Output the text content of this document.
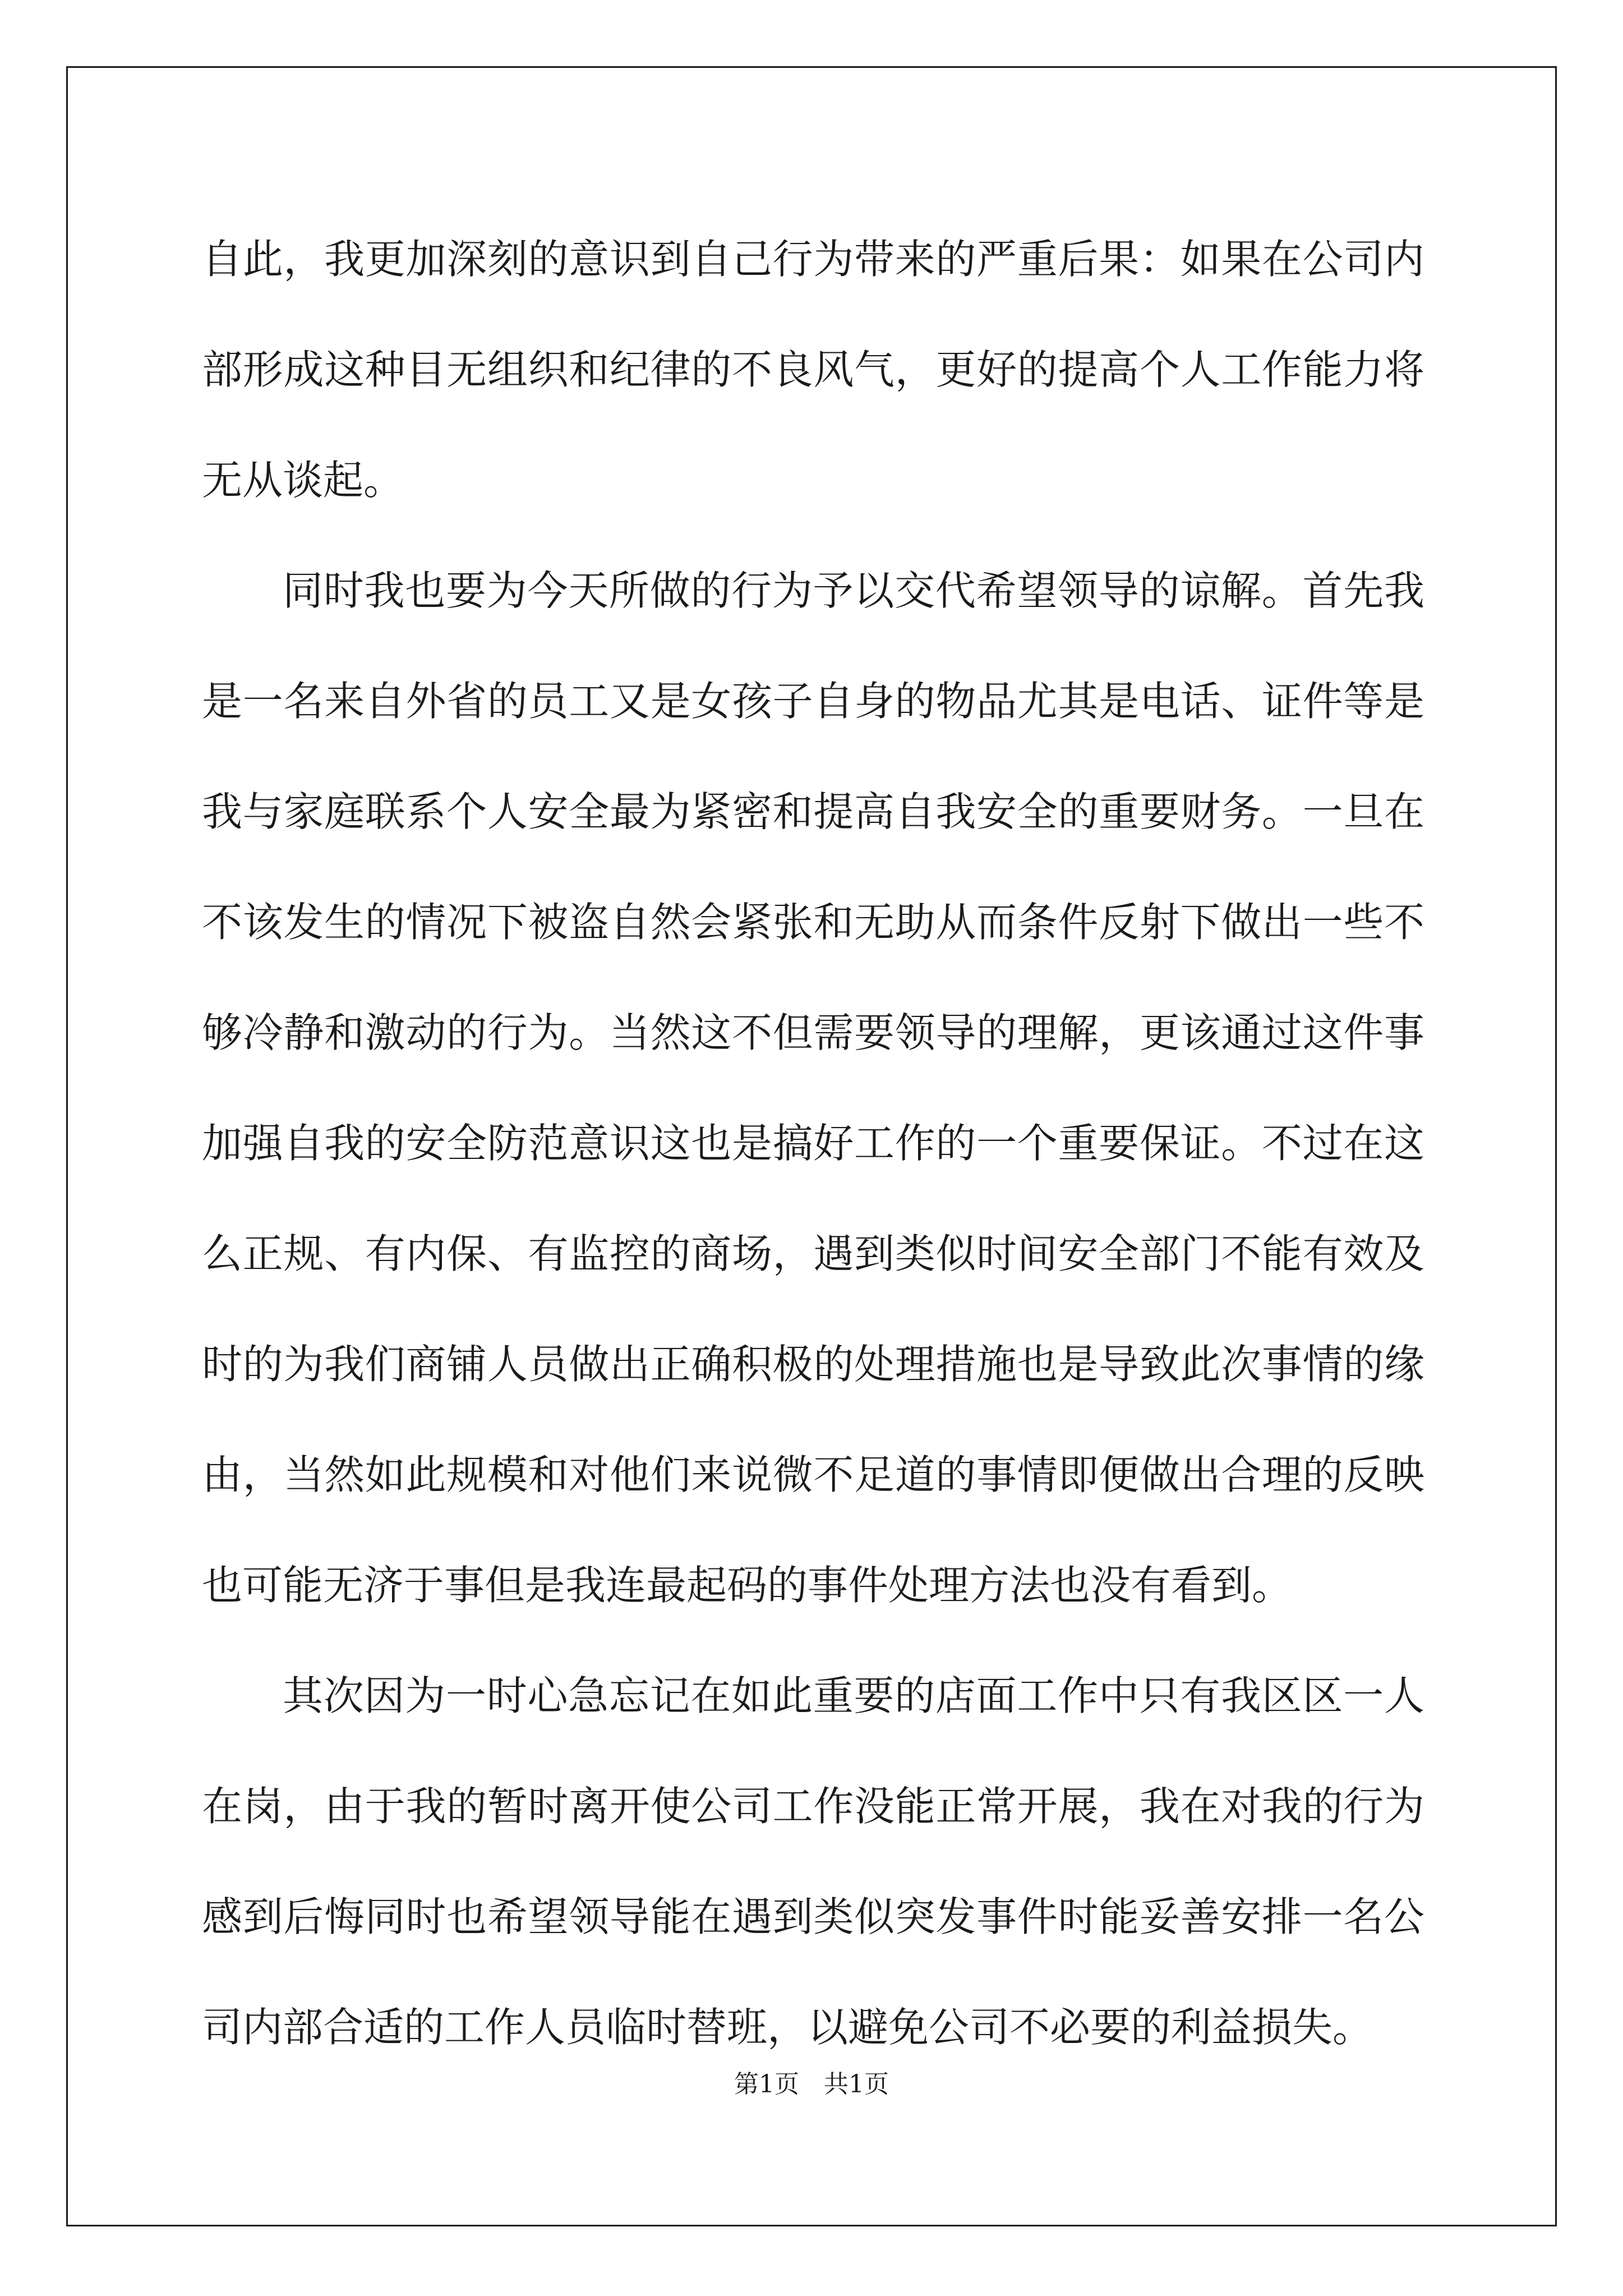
自此，我更加深刻的意识到自己行为带来的严重后果：如果在公司内部形成这种目无组织和纪律的不良风气，更好的提高个人工作能力将无从谈起。

同时我也要为今天所做的行为予以交代希望领导的谅解。首先我是一名来自外省的员工又是女孩子自身的物品尤其是电话、证件等是我与家庭联系个人安全最为紧密和提高自我安全的重要财务。一旦在不该发生的情况下被盗自然会紧张和无助从而条件反射下做出一些不够冷静和激动的行为。当然这不但需要领导的理解，更该通过这件事加强自我的安全防范意识这也是搞好工作的一个重要保证。不过在这么正规、有内保、有监控的商场，遇到类似时间安全部门不能有效及时的为我们商铺人员做出正确积极的处理措施也是导致此次事情的缘由，当然如此规模和对他们来说微不足道的事情即便做出合理的反映也可能无济于事但是我连最起码的事件处理方法也没有看到。

其次因为一时心急忘记在如此重要的店面工作中只有我区区一人在岗，由于我的暂时离开使公司工作没能正常开展，我在对我的行为感到后悔同时也希望领导能在遇到类似突发事件时能妥善安排一名公司内部合适的工作人员临时替班，以避免公司不必要的利益损失。

第1页 共1页
